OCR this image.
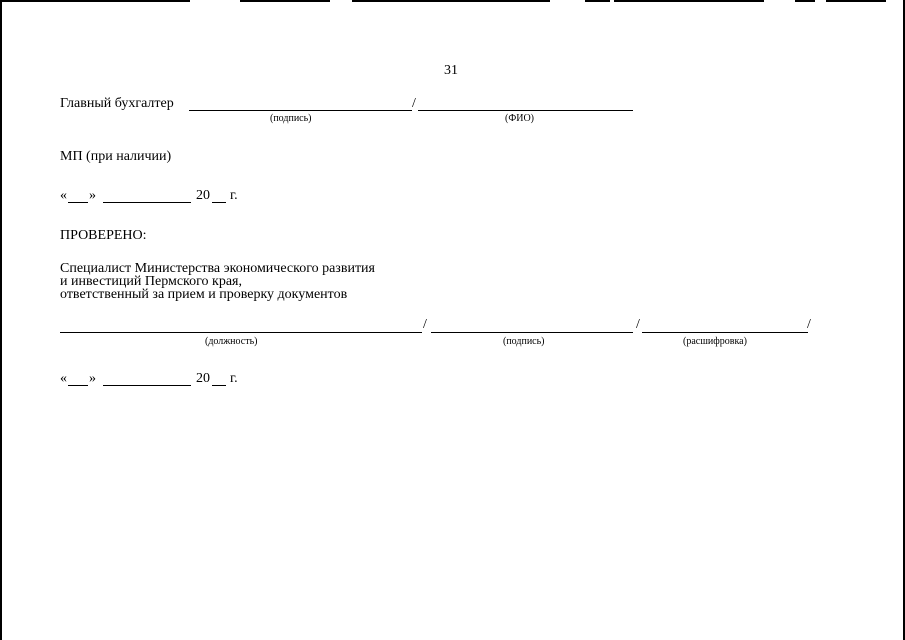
31
Главный бухгалтер	/
(подпись)	(ФИО)
МП (при наличии)
« »	20 г.
ПРОВЕРЕНО:
Специалист Министерства экономического развития
и инвестиций Пермского края,
ответственный за прием и проверку документов
/	/	/
(должность)	(подпись)	(расшифровка)
« »	20 г.
